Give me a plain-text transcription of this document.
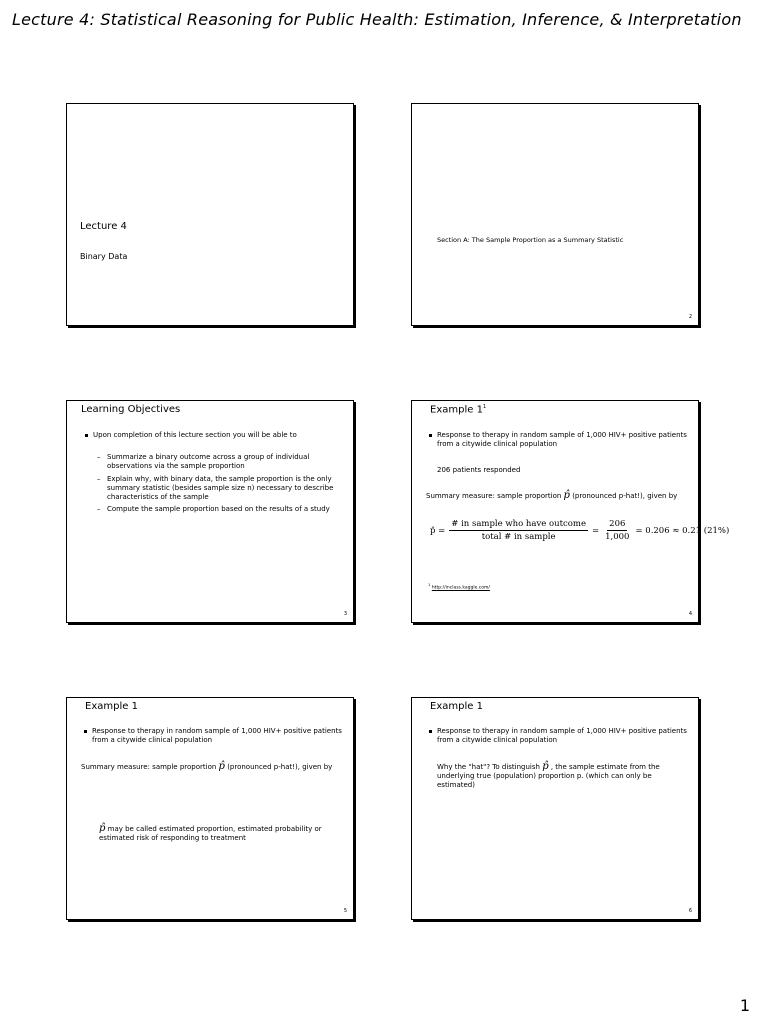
Lecture 4: Statistical Reasoning for Public Health: Estimation, Inference, & Interpretation
Lecture 4
Binary Data
Section A: The Sample Proportion as a Summary Statistic
2
Learning Objectives
Upon completion of this lecture section you will be able to
– Summarize a binary outcome across a group of individual observations via the sample proportion
– Explain why, with binary data, the sample proportion is the only summary statistic (besides sample size n) necessary to describe characteristics of the sample
– Compute the sample proportion based on the results of a study
3
Example $1^1$
Response to therapy in random sample of 1,000 HIV+ positive patients from a citywide clinical population
206 patients responded
Summary measure: sample proportion p̂ (pronounced p-hat!), given by
p̂ = $\frac{\text{\# in sample who have outcome}}{\text{total \# in sample}} = \frac{206}{1,000} = 0.206 \approx 0.21$ (21%)
$^1$ http://inclass.kaggle.com/
4
Example 1
Response to therapy in random sample of 1,000 HIV+ positive patients from a citywide clinical population
Summary measure: sample proportion p̂ (pronounced p-hat!), given by
p̂ may be called estimated proportion, estimated probability or estimated risk of responding to treatment
5
Example 1
Response to therapy in random sample of 1,000 HIV+ positive patients from a citywide clinical population
Why the "hat"? To distinguish p̂ , the sample estimate from the underlying true (population) proportion p. (which can only be estimated)
6
1
